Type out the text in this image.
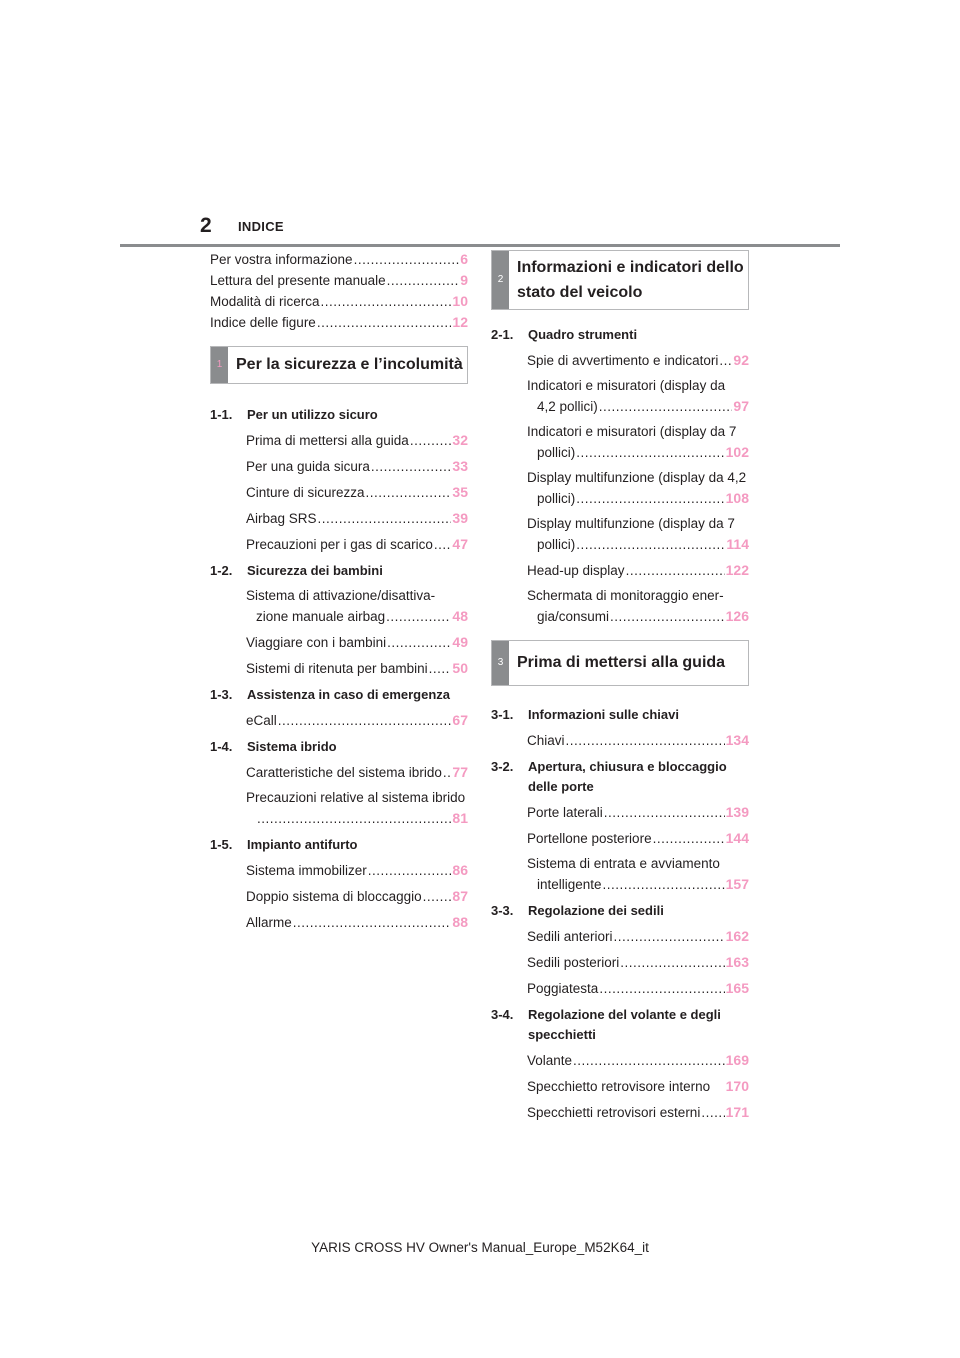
2 INDICE
Per vostra informazione .....	6
Lettura del presente manuale .....	9
Modalità di ricerca .....	10
Indice delle figure .....	12
1 Per la sicurezza e l’incolumità
1-1.	Per un utilizzo sicuro
Prima di mettersi alla guida .....	32
Per una guida sicura .....	33
Cinture di sicurezza .....	35
Airbag SRS .....	39
Precauzioni per i gas di scarico ..... 47
1-2.	Sicurezza dei bambini
Sistema di attivazione/disattiva-
zione manuale airbag .....	48
Viaggiare con i bambini .....	49
Sistemi di ritenuta per bambini ..... 50
1-3.	Assistenza in caso di emergenza
eCall .....	67
1-4.	Sistema ibrido
Caratteristiche del sistema ibrido ..... 77
Precauzioni relative al sistema ibrido
.....
81
1-5.	Impianto antifurto
Sistema immobilizer .....	86
Doppio sistema di bloccaggio ..... 87
Allarme .....	88
2
Informazioni e indicatori dello
stato del veicolo
2-1.	Quadro strumenti
Spie di avvertimento e indicatori ..... 92
Indicatori e misuratori (display da
4,2 pollici) .....	97
Indicatori e misuratori (display da 7
pollici) .....	102
Display multifunzione (display da 4,2
pollici) .....	108
Display multifunzione (display da 7
pollici) .....	114
Head-up display .....	122
Schermata di monitoraggio ener-
gia/consumi .....	126
3 Prima di mettersi alla guida
3-1.	Informazioni sulle chiavi
Chiavi .....	134
3-2.	Apertura, chiusura e bloccaggio
delle porte
Porte laterali .....	139
Portellone posteriore .....	144
Sistema di entrata e avviamento
intelligente .....	157
3-3.	Regolazione dei sedili
Sedili anteriori .....	162
Sedili posteriori .....	163
Poggiatesta .....	165
3-4.	Regolazione del volante e degli
specchietti
Volante .....	169
Specchietto retrovisore interno 170
Specchietti retrovisori esterni ..... 171
YARIS CROSS HV Owner's Manual_Europe_M52K64_it
